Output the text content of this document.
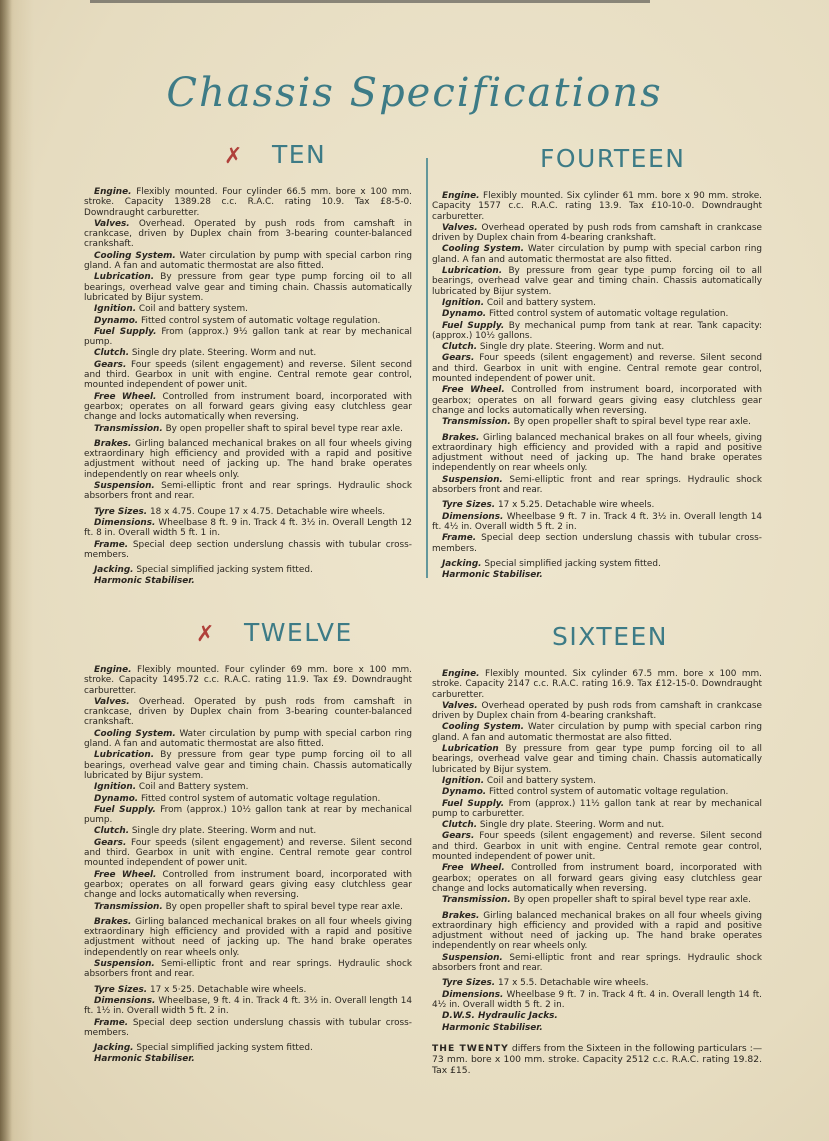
Chassis Specifications
✗ TEN

Engine. Flexibly mounted. Four cylinder 66.5 mm. bore x 100 mm. stroke. Capacity 1389.28 c.c. R.A.C. rating 10.9. Tax £8-5-0. Downdraught carburetter.

Valves. Overhead. Operated by push rods from camshaft in crankcase, driven by Duplex chain from 3-bearing counter-balanced crankshaft.

Cooling System. Water circulation by pump with special carbon ring gland. A fan and automatic thermostat are also fitted.

Lubrication. By pressure from gear type pump forcing oil to all bearings, overhead valve gear and timing chain. Chassis automatically lubricated by Bijur system.

Ignition. Coil and battery system.

Dynamo. Fitted control system of automatic voltage regulation.

Fuel Supply. From (approx.) 9½ gallon tank at rear by mechanical pump.

Clutch. Single dry plate. Steering. Worm and nut.

Gears. Four speeds (silent engagement) and reverse. Silent second and third. Gearbox in unit with engine. Central remote gear control, mounted independent of power unit.

Free Wheel. Controlled from instrument board, incorporated with gearbox; operates on all forward gears giving easy clutchless gear change and locks automatically when reversing.

Transmission. By open propeller shaft to spiral bevel type rear axle.

Brakes. Girling balanced mechanical brakes on all four wheels giving extraordinary high efficiency and provided with a rapid and positive adjustment without need of jacking up. The hand brake operates independently on rear wheels only.

Suspension. Semi-elliptic front and rear springs. Hydraulic shock absorbers front and rear.

Tyre Sizes. 18 x 4.75. Coupe 17 x 4.75. Detachable wire wheels.

Dimensions. Wheelbase 8 ft. 9 in. Track 4 ft. 3½ in. Overall Length 12 ft. 8 in. Overall width 5 ft. 1 in.

Frame. Special deep section underslung chassis with tubular cross-members.

Jacking. Special simplified jacking system fitted.

Harmonic Stabiliser.

FOURTEEN

Engine. Flexibly mounted. Six cylinder 61 mm. bore x 90 mm. stroke. Capacity 1577 c.c. R.A.C. rating 13.9. Tax £10-10-0. Downdraught carburetter.

Valves. Overhead operated by push rods from camshaft in crankcase driven by Duplex chain from 4-bearing crankshaft.

Cooling System. Water circulation by pump with special carbon ring gland. A fan and automatic thermostat are also fitted.

Lubrication. By pressure from gear type pump forcing oil to all bearings, overhead valve gear and timing chain. Chassis automatically lubricated by Bijur system.

Ignition. Coil and battery system.

Dynamo. Fitted control system of automatic voltage regulation.

Fuel Supply. By mechanical pump from tank at rear. Tank capacity: (approx.) 10½ gallons.

Clutch. Single dry plate. Steering. Worm and nut.

Gears. Four speeds (silent engagement) and reverse. Silent second and third. Gearbox in unit with engine. Central remote gear control, mounted independent of power unit.

Free Wheel. Controlled from instrument board, incorporated with gearbox; operates on all forward gears giving easy clutchless gear change and locks automatically when reversing.

Transmission. By open propeller shaft to spiral bevel type rear axle.

Brakes. Girling balanced mechanical brakes on all four wheels, giving extraordinary high efficiency and provided with a rapid and positive adjustment without need of jacking up. The hand brake operates independently on rear wheels only.

Suspension. Semi-elliptic front and rear springs. Hydraulic shock absorbers front and rear.

Tyre Sizes. 17 x 5.25. Detachable wire wheels.

Dimensions. Wheelbase 9 ft. 7 in. Track 4 ft. 3½ in. Overall length 14 ft. 4½ in. Overall width 5 ft. 2 in.

Frame. Special deep section underslung chassis with tubular cross-members.

Jacking. Special simplified jacking system fitted.

Harmonic Stabiliser.

✗ TWELVE

Engine. Flexibly mounted. Four cylinder 69 mm. bore x 100 mm. stroke. Capacity 1495.72 c.c. R.A.C. rating 11.9. Tax £9. Downdraught carburetter.

Valves. Overhead. Operated by push rods from camshaft in crankcase, driven by Duplex chain from 3-bearing counter-balanced crankshaft.

Cooling System. Water circulation by pump with special carbon ring gland. A fan and automatic thermostat are also fitted.

Lubrication. By pressure from gear type pump forcing oil to all bearings, overhead valve gear and timing chain. Chassis automatically lubricated by Bijur system.

Ignition. Coil and Battery system.

Dynamo. Fitted control system of automatic voltage regulation.

Fuel Supply. From (approx.) 10½ gallon tank at rear by mechanical pump.

Clutch. Single dry plate. Steering. Worm and nut.

Gears. Four speeds (silent engagement) and reverse. Silent second and third. Gearbox in unit with engine. Central remote gear control mounted independent of power unit.

Free Wheel. Controlled from instrument board, incorporated with gearbox; operates on all forward gears giving easy clutchless gear change and locks automatically when reversing.

Transmission. By open propeller shaft to spiral bevel type rear axle.

Brakes. Girling balanced mechanical brakes on all four wheels giving extraordinary high efficiency and provided with a rapid and positive adjustment without need of jacking up. The hand brake operates independently on rear wheels only.

Suspension. Semi-elliptic front and rear springs. Hydraulic shock absorbers front and rear.

Tyre Sizes. 17 x 5·25. Detachable wire wheels.

Dimensions. Wheelbase, 9 ft. 4 in. Track 4 ft. 3½ in. Overall length 14 ft. 1½ in. Overall width 5 ft. 2 in.

Frame. Special deep section underslung chassis with tubular cross-members.

Jacking. Special simplified jacking system fitted.

Harmonic Stabiliser.

SIXTEEN

Engine. Flexibly mounted. Six cylinder 67.5 mm. bore x 100 mm. stroke. Capacity 2147 c.c. R.A.C. rating 16.9. Tax £12-15-0. Downdraught carburetter.

Valves. Overhead operated by push rods from camshaft in crankcase driven by Duplex chain from 4-bearing crankshaft.

Cooling System. Water circulation by pump with special carbon ring gland. A fan and automatic thermostat are also fitted.

Lubrication By pressure from gear type pump forcing oil to all bearings, overhead valve gear and timing chain. Chassis automatically lubricated by Bijur system.

Ignition. Coil and battery system.

Dynamo. Fitted control system of automatic voltage regulation.

Fuel Supply. From (approx.) 11½ gallon tank at rear by mechanical pump to carburetter.

Clutch. Single dry plate. Steering. Worm and nut.

Gears. Four speeds (silent engagement) and reverse. Silent second and third. Gearbox in unit with engine. Central remote gear control, mounted independent of power unit.

Free Wheel. Controlled from instrument board, incorporated with gearbox; operates on all forward gears giving easy clutchless gear change and locks automatically when reversing.

Transmission. By open propeller shaft to spiral bevel type rear axle.

Brakes. Girling balanced mechanical brakes on all four wheels giving extraordinary high efficiency and provided with a rapid and positive adjustment without need of jacking up. The hand brake operates independently on rear wheels only.

Suspension. Semi-elliptic front and rear springs. Hydraulic shock absorbers front and rear.

Tyre Sizes. 17 x 5.5. Detachable wire wheels.

Dimensions. Wheelbase 9 ft. 7 in. Track 4 ft. 4 in. Overall length 14 ft. 4½ in. Overall width 5 ft. 2 in.

D.W.S. Hydraulic Jacks.

Harmonic Stabiliser.

THE TWENTY differs from the Sixteen in the following particulars :—73 mm. bore x 100 mm. stroke. Capacity 2512 c.c. R.A.C. rating 19.82. Tax £15.
